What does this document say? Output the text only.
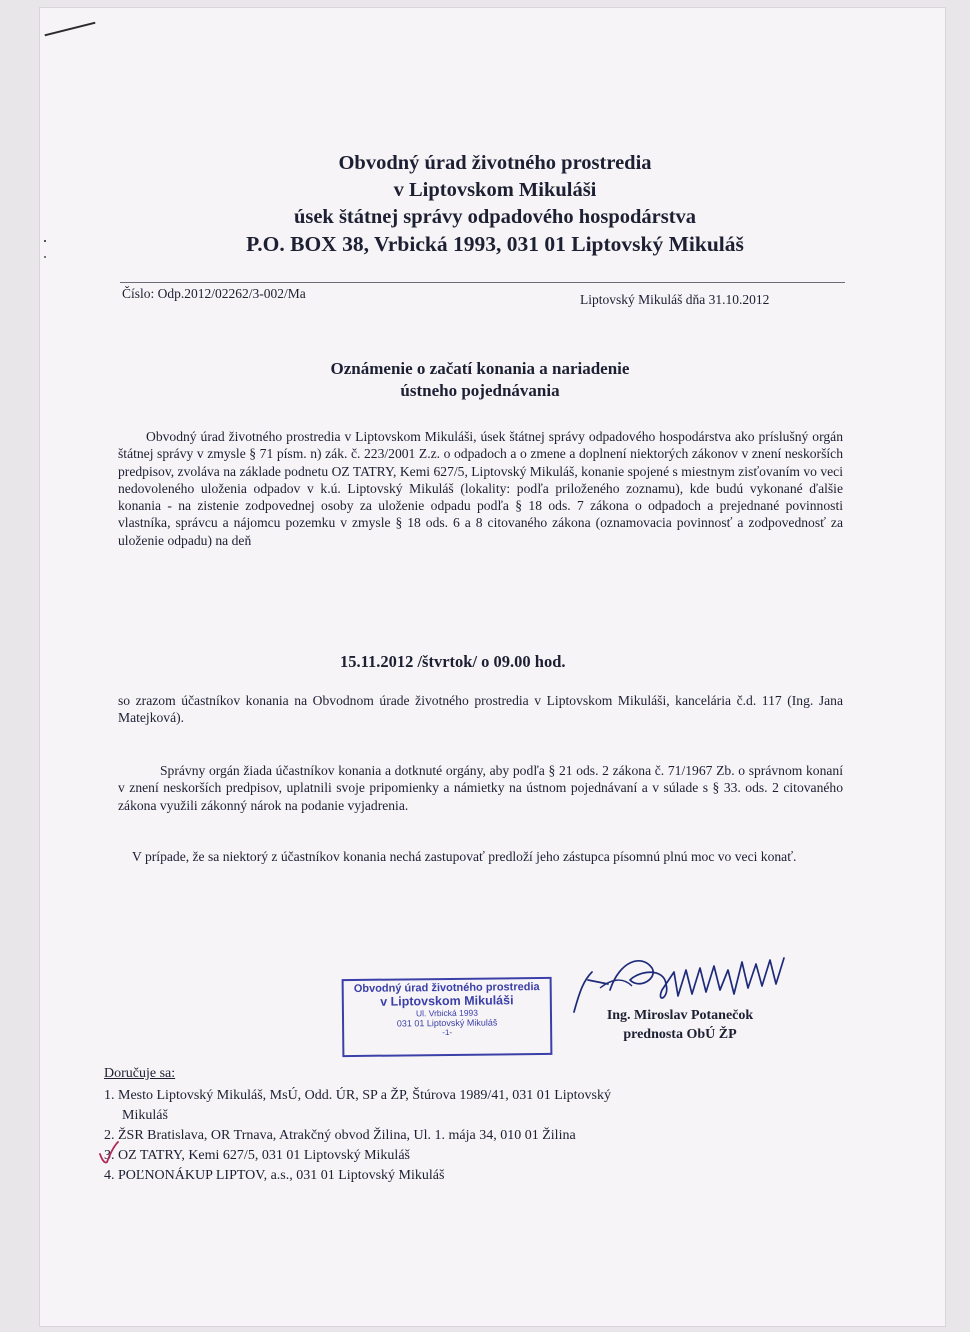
Obvodný úrad životného prostredia
v Liptovskom Mikuláši
úsek štátnej správy odpadového hospodárstva
P.O. BOX 38, Vrbická 1993, 031 01 Liptovský Mikuláš
Číslo: Odp.2012/02262/3-002/Ma	Liptovský Mikuláš dňa 31.10.2012
Oznámenie o začatí konania a nariadenie
ústneho pojednávania
Obvodný úrad životného prostredia v Liptovskom Mikuláši, úsek štátnej správy odpadového hospodárstva ako príslušný orgán štátnej správy v zmysle § 71 písm. n) zák. č. 223/2001 Z.z. o odpadoch a o zmene a doplnení niektorých zákonov v znení neskorších predpisov, zvoláva na základe podnetu OZ TATRY, Kemi 627/5, Liptovský Mikuláš, konanie spojené s miestnym zisťovaním vo veci nedovoleného uloženia odpadov v k.ú. Liptovský Mikuláš (lokality: podľa priloženého zoznamu), kde budú vykonané ďalšie konania - na zistenie zodpovednej osoby za uloženie odpadu podľa § 18 ods. 7 zákona o odpadoch a prejednané povinnosti vlastníka, správcu a nájomcu pozemku v zmysle § 18 ods. 6 a 8 citovaného zákona (oznamovacia povinnosť a zodpovednosť za uloženie odpadu) na deň
15.11.2012 /štvrtok/ o 09.00 hod.
so zrazom účastníkov konania na Obvodnom úrade životného prostredia v Liptovskom Mikuláši, kancelária č.d. 117 (Ing. Jana Matejková).
Správny orgán žiada účastníkov konania a dotknuté orgány, aby podľa § 21 ods. 2 zákona č. 71/1967 Zb. o správnom konaní v znení neskorších predpisov, uplatnili svoje pripomienky a námietky na ústnom pojednávaní a v súlade s § 33. ods. 2 citovaného zákona využili zákonný nárok na podanie vyjadrenia.
V prípade, že sa niektorý z účastníkov konania nechá zastupovať predloží jeho zástupca písomnú plnú moc vo veci konať.
Obvodný úrad životného prostredia
v Liptovskom Mikuláši
Ul. Vrbická 1993
031 01 Liptovský Mikuláš
-1-
Ing. Miroslav Potanečok
prednosta ObÚ ŽP
Doručuje sa:
1. Mesto Liptovský Mikuláš, MsÚ, Odd. ÚR, SP a ŽP, Štúrova 1989/41, 031 01 Liptovský
Mikuláš
2. ŽSR Bratislava, OR Trnava, Atrakčný obvod Žilina, Ul. 1. mája 34, 010 01 Žilina
3. OZ TATRY, Kemi 627/5, 031 01 Liptovský Mikuláš
4. POĽNONÁKUP LIPTOV, a.s., 031 01 Liptovský Mikuláš
